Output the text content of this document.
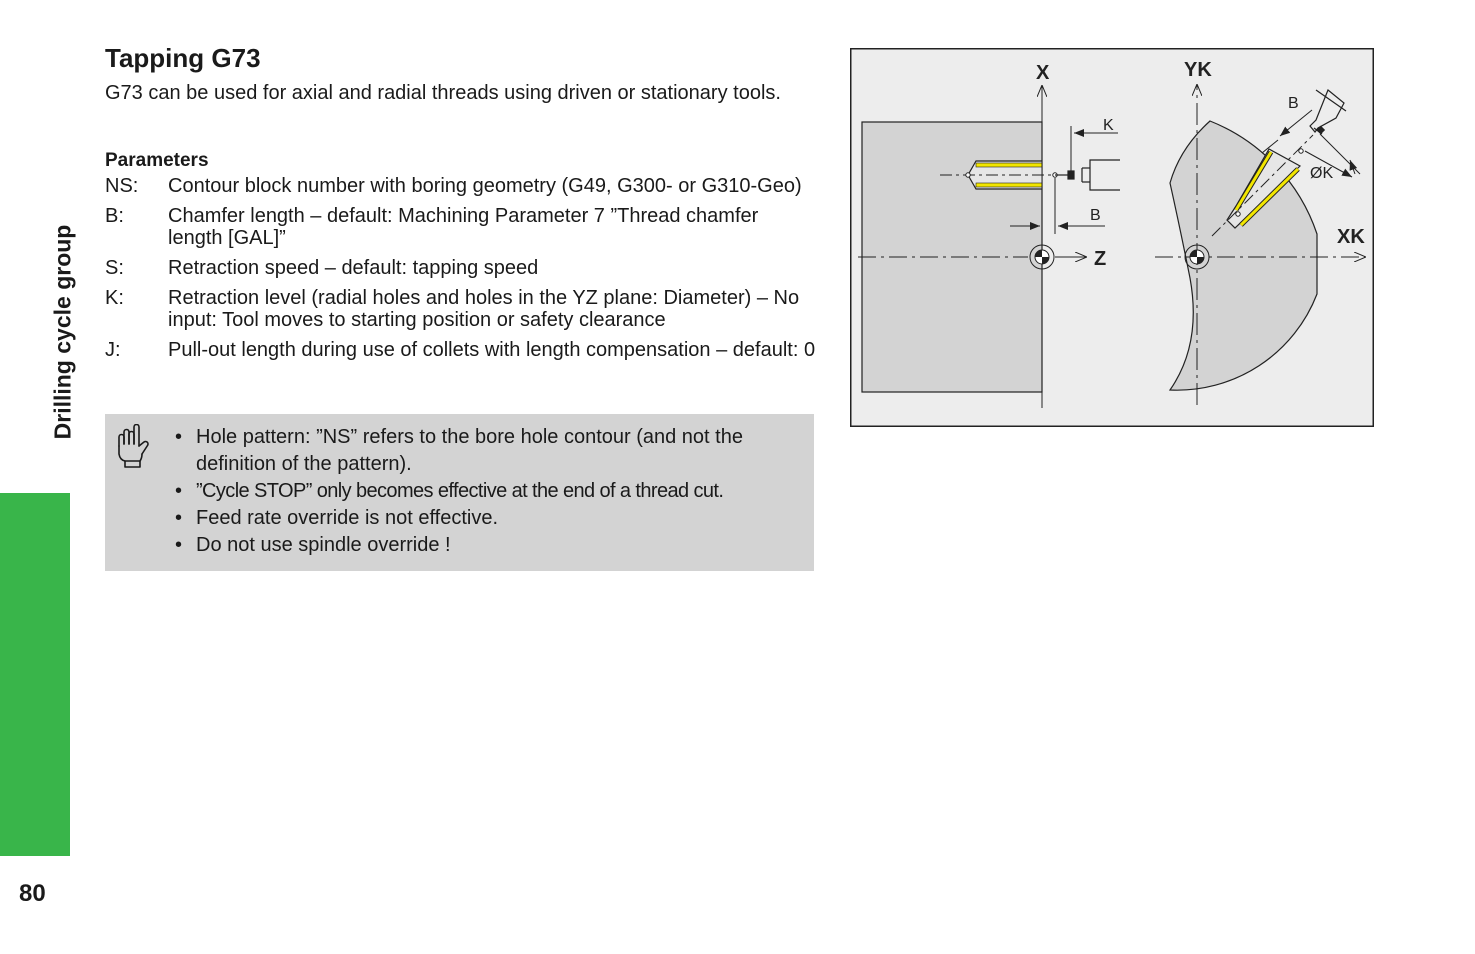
Drilling cycle group
80
Tapping G73

G73 can be used for axial and radial threads using driven or stationary tools.

Parameters
NS:	Contour block number with boring geometry (G49, G300- or G310-Geo)
B:	Chamfer length – default: Machining Parameter 7 ”Thread chamfer length [GAL]”
S:	Retraction speed – default: tapping speed
K:	Retraction level (radial holes and holes in the YZ plane: Diameter) – No input: Tool moves to starting position or safety clearance
J:	Pull-out length during use of collets with length compensation – default: 0
• Hole pattern: ”NS” refers to the bore hole contour (and not the definition of the pattern).
• ”Cycle STOP” only becomes effective at the end of a thread cut.
• Feed rate override is not effective.
• Do not use spindle override !
X
Z
YK
XK
K
B
B
ØK
